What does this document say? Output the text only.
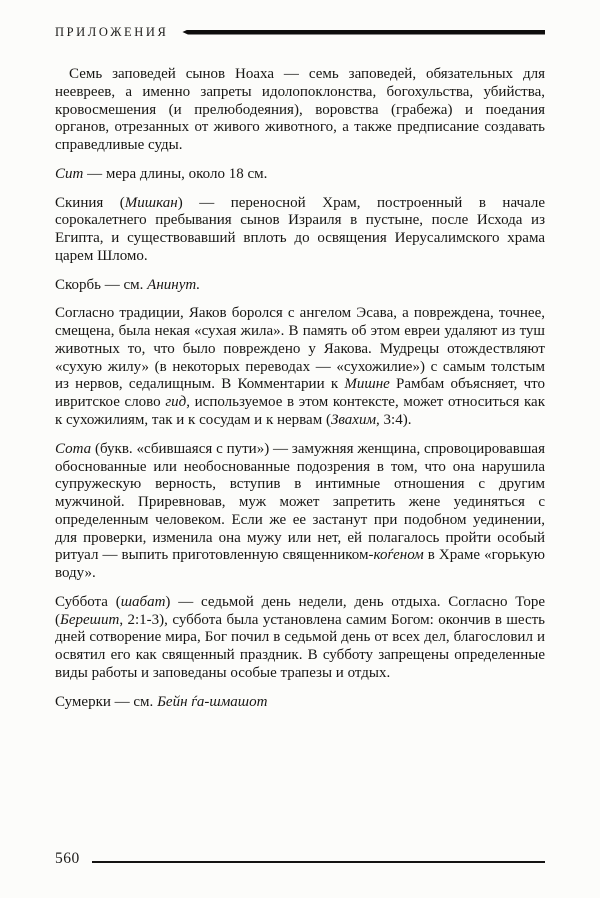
ПРИЛОЖЕНИЯ

Семь заповедей сынов Ноаха — семь заповедей, обязательных для неевреев, а именно запреты идолопоклонства, богохульства, убийства, кровосмешения (и прелюбодеяния), воровства (грабежа) и поедания органов, отрезанных от живого животного, а также предписание создавать справедливые суды.

Сит — мера длины, около 18 см.

Скиния (Мишкан) — переносной Храм, построенный в начале сорокалетнего пребывания сынов Израиля в пустыне, после Исхода из Египта, и существовавший вплоть до освящения Иерусалимского храма царем Шломо.

Скорбь — см. Анинут.

Согласно традиции, Яаков боролся с ангелом Эсава, а повреждена, точнее, смещена, была некая «сухая жила». В память об этом евреи удаляют из туш животных то, что было повреждено у Яакова. Мудрецы отождествляют «сухую жилу» (в некоторых переводах — «сухожилие») с самым толстым из нервов, седалищным. В Комментарии к Мишне Рамбам объясняет, что ивритское слово гид, используемое в этом контексте, может относиться как к сухожилиям, так и к сосудам и к нервам (Звахим, 3:4).

Сота (букв. «сбившаяся с пути») — замужняя женщина, спровоцировавшая обоснованные или необоснованные подозрения в том, что она нарушила супружескую верность, вступив в интимные отношения с другим мужчиной. Приревновав, муж может запретить жене уединяться с определенным человеком. Если же ее застанут при подобном уединении, для проверки, изменила она мужу или нет, ей полагалось пройти особый ритуал — выпить приготовленную священником-коѓеном в Храме «горькую воду».

Суббота (шабат) — седьмой день недели, день отдыха. Согласно Торе (Берешит, 2:1-3), суббота была установлена самим Богом: окончив в шесть дней сотворение мира, Бог почил в седьмой день от всех дел, благословил и освятил его как священный праздник. В субботу запрещены определенные виды работы и заповеданы особые трапезы и отдых.

Сумерки — см. Бейн ѓа-шмашот

560
